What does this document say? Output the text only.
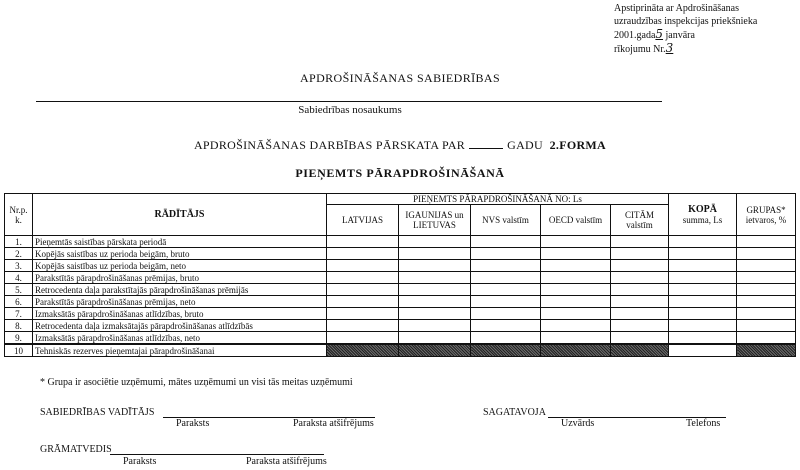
Apstiprināta ar Apdrošināšanas
uzraudzības inspekcijas priekšnieka
2001.gada5 janvāra
rīkojumu Nr.3
APDROŠINĀŠANAS SABIEDRĪBAS
Sabiedrības nosaukums
APDROŠINĀŠANAS DARBĪBAS PĀRSKATA PAR	GADU 2.FORMA
PIEŅEMTS PĀRAPDROŠINĀŠANĀ
Nr.p. k.	RĀDĪTĀJS	PIEŅEMTS PĀRAPDROŠINĀŠANĀ NO: Ls					KOPĀ
summa, Ls	GRUPAS*
ietvaros, %
		LATVIJAS	IGAUNIJAS un LIETUVAS	NVS valstīm	OECD valstīm	CITĀM valstīm		
1.	Pieņemtās saistības pārskata periodā							
2.	Kopējās saistības uz perioda beigām, bruto							
3.	Kopējās saistības uz perioda beigām, neto							
4.	Parakstītās pārapdrošināšanas prēmijas, bruto							
5.	Retrocedenta daļa parakstītajās pārapdrošināšanas prēmijās							
6.	Parakstītās pārapdrošināšanas prēmijas, neto							
7.	Izmaksātās pārapdrošināšanas atlīdzības, bruto							
8.	Retrocedenta daļa izmaksātajās pārapdrošināšanas atlīdzībās							
9.	Izmaksātās pārapdrošināšanas atlīdzības, neto							
10	Tehniskās rezerves pieņemtajai pārapdrošināšanai							
* Grupa ir asociētie uzņēmumi, mātes uzņēmumi un visi tās meitas uzņēmumi
SABIEDRĪBAS VADĪTĀJS
Paraksts	Paraksta atšifrējums
SAGATAVOJA
Uzvārds	Telefons
GRĀMATVEDIS
Paraksts	Paraksta atšifrējums
